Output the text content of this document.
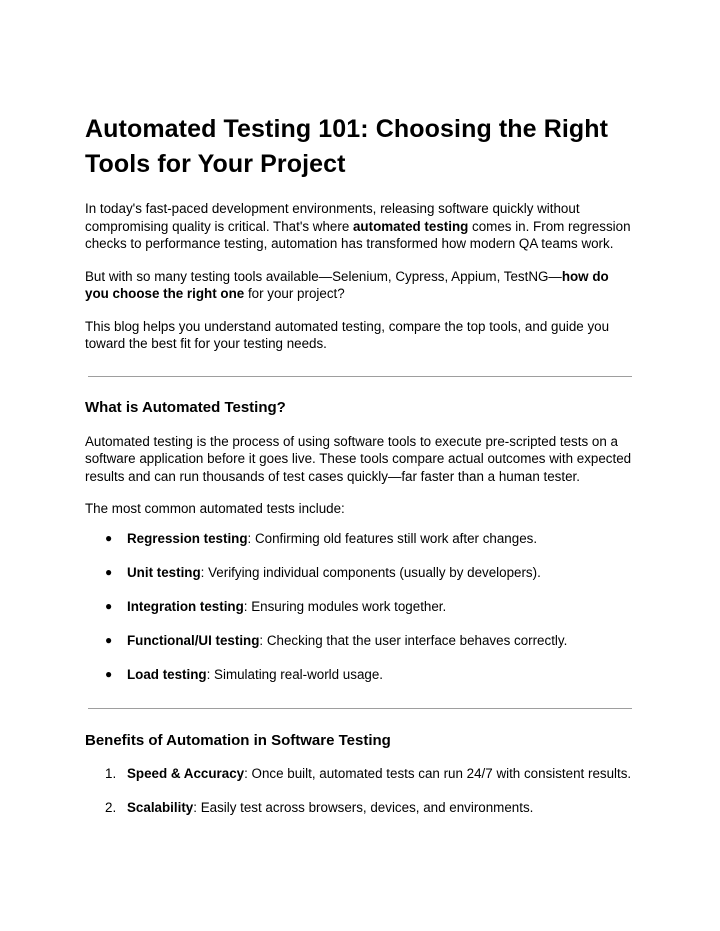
Automated Testing 101: Choosing the Right Tools for Your Project

In today's fast-paced development environments, releasing software quickly without compromising quality is critical. That's where automated testing comes in. From regression checks to performance testing, automation has transformed how modern QA teams work.

But with so many testing tools available—Selenium, Cypress, Appium, TestNG—how do you choose the right one for your project?

This blog helps you understand automated testing, compare the top tools, and guide you toward the best fit for your testing needs.

What is Automated Testing?

Automated testing is the process of using software tools to execute pre-scripted tests on a software application before it goes live. These tools compare actual outcomes with expected results and can run thousands of test cases quickly—far faster than a human tester.

The most common automated tests include:

● Regression testing: Confirming old features still work after changes.
● Unit testing: Verifying individual components (usually by developers).
● Integration testing: Ensuring modules work together.
● Functional/UI testing: Checking that the user interface behaves correctly.
● Load testing: Simulating real-world usage.
Benefits of Automation in Software Testing
1. Speed & Accuracy: Once built, automated tests can run 24/7 with consistent results.
2. Scalability: Easily test across browsers, devices, and environments.
